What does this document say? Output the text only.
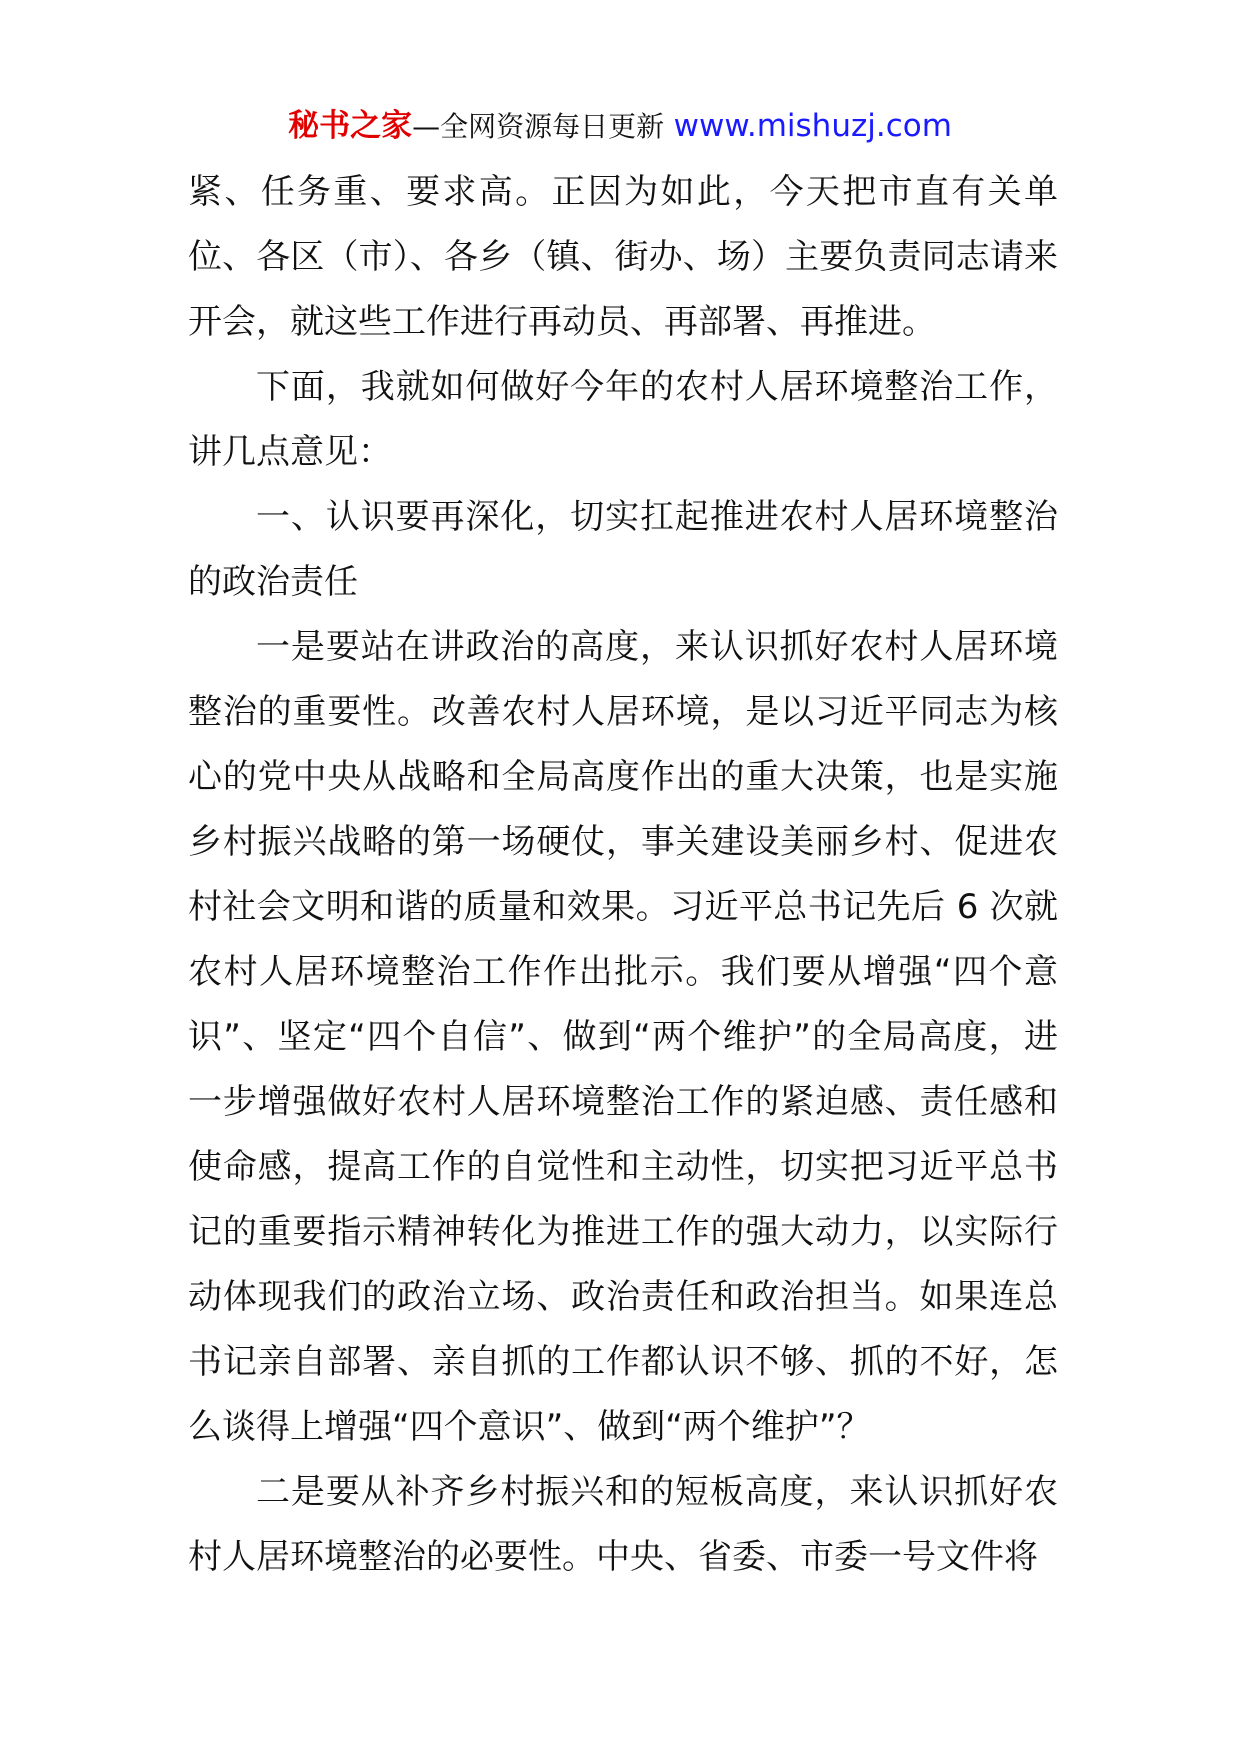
秘书之家—全网资源每日更新 www.mishuzj.com

紧、任务重、要求高。正因为如此，今天把市直有关单位、各区（市）、各乡（镇、街办、场）主要负责同志请来开会，就这些工作进行再动员、再部署、再推进。

下面，我就如何做好今年的农村人居环境整治工作，讲几点意见：

一、认识要再深化，切实扛起推进农村人居环境整治的政治责任

一是要站在讲政治的高度，来认识抓好农村人居环境整治的重要性。改善农村人居环境，是以习近平同志为核心的党中央从战略和全局高度作出的重大决策，也是实施乡村振兴战略的第一场硬仗，事关建设美丽乡村、促进农村社会文明和谐的质量和效果。习近平总书记先后 6 次就农村人居环境整治工作作出批示。我们要从增强“四个意识”、坚定“四个自信”、做到“两个维护”的全局高度，进一步增强做好农村人居环境整治工作的紧迫感、责任感和使命感，提高工作的自觉性和主动性，切实把习近平总书记的重要指示精神转化为推进工作的强大动力，以实际行动体现我们的政治立场、政治责任和政治担当。如果连总书记亲自部署、亲自抓的工作都认识不够、抓的不好，怎么谈得上增强“四个意识”、做到“两个维护”？

二是要从补齐乡村振兴和的短板高度，来认识抓好农村人居环境整治的必要性。中央、省委、市委一号文件将
